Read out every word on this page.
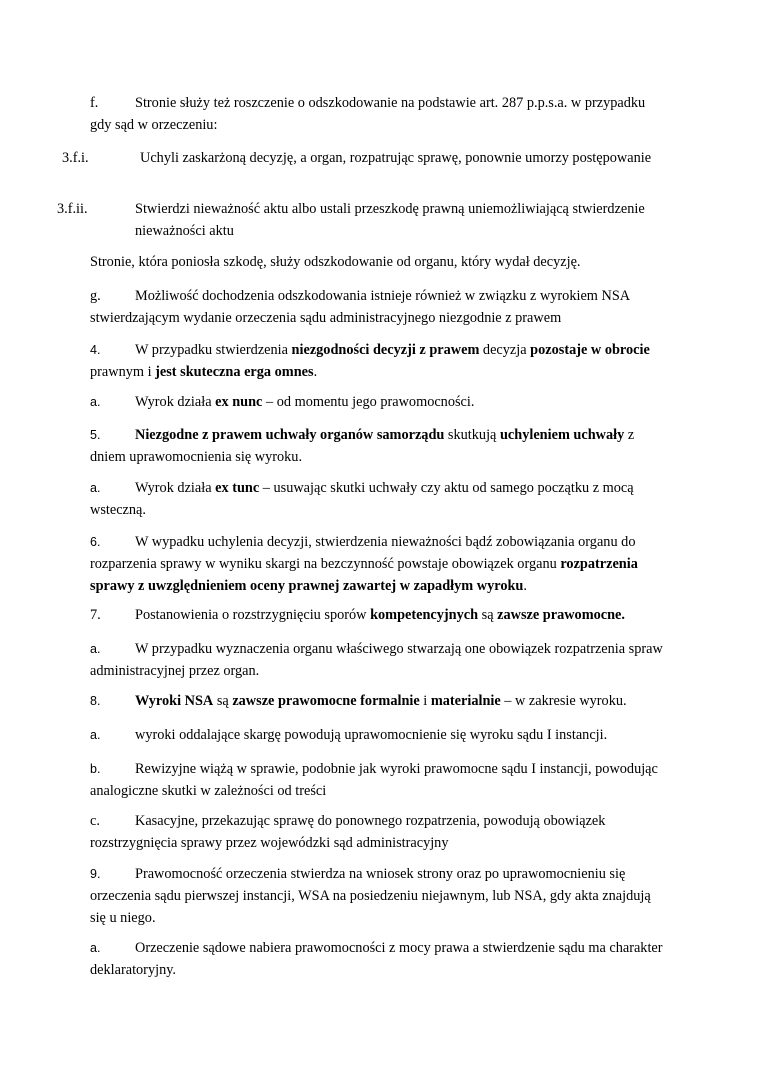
f.	Stronie służy też roszczenie o odszkodowanie na podstawie art. 287 p.p.s.a. w przypadku gdy sąd w orzeczeniu:
3.f.i.	Uchyli zaskarżoną decyzję, a organ, rozpatrując sprawę, ponownie umorzy postępowanie
3.f.ii.	Stwierdzi nieważność aktu albo ustali przeszkodę prawną uniemożliwiającą stwierdzenie nieważności aktu
Stronie, która poniosła szkodę, służy odszkodowanie od organu, który wydał decyzję.
g. Możliwość dochodzenia odszkodowania istnieje również w związku z wyrokiem NSA stwierdzającym wydanie orzeczenia sądu administracyjnego niezgodnie z prawem
4. W przypadku stwierdzenia niezgodności decyzji z prawem decyzja pozostaje w obrocie prawnym i jest skuteczna erga omnes.
a. Wyrok działa ex nunc – od momentu jego prawomocności.
5. Niezgodne z prawem uchwały organów samorządu skutkują uchyleniem uchwały z dniem uprawomocnienia się wyroku.
a. Wyrok działa ex tunc – usuwając skutki uchwały czy aktu od samego początku z mocą wsteczną.
6. W wypadku uchylenia decyzji, stwierdzenia nieważności bądź zobowiązania organu do rozparzenia sprawy w wyniku skargi na bezczynność powstaje obowiązek organu rozpatrzenia sprawy z uwzględnieniem oceny prawnej zawartej w zapadłym wyroku.
7. Postanowienia o rozstrzygnięciu sporów kompetencyjnych są zawsze prawomocne.
a. W przypadku wyznaczenia organu właściwego stwarzają one obowiązek rozpatrzenia spraw administracyjnej przez organ.
8. Wyroki NSA są zawsze prawomocne formalnie i materialnie – w zakresie wyroku.
a. wyroki oddalające skargę powodują uprawomocnienie się wyroku sądu I instancji.
b. Rewizyjne wiążą w sprawie, podobnie jak wyroki prawomocne sądu I instancji, powodując analogiczne skutki w zależności od treści
c. Kasacyjne, przekazując sprawę do ponownego rozpatrzenia, powodują obowiązek rozstrzygnięcia sprawy przez wojewódzki sąd administracyjny
9. Prawomocność orzeczenia stwierdza na wniosek strony oraz po uprawomocnieniu się orzeczenia sądu pierwszej instancji, WSA na posiedzeniu niejawnym, lub NSA, gdy akta znajdują się u niego.
a. Orzeczenie sądowe nabiera prawomocności z mocy prawa a stwierdzenie sądu ma charakter deklaratoryjny.
